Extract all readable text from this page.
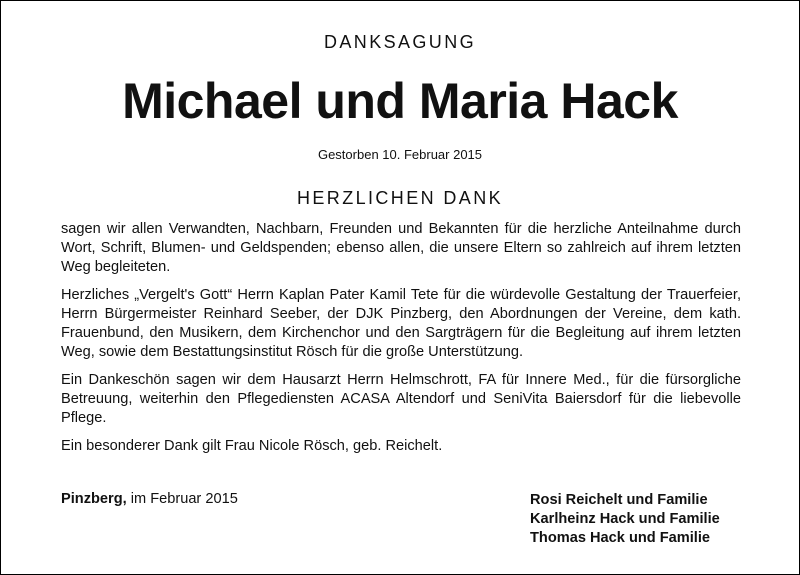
DANKSAGUNG
Michael und Maria Hack
Gestorben 10. Februar 2015
HERZLICHEN DANK

sagen wir allen Verwandten, Nachbarn, Freunden und Bekannten für die herzliche Anteilnahme durch Wort, Schrift, Blumen- und Geldspenden; ebenso allen, die unsere Eltern so zahlreich auf ihrem letzten Weg begleiteten.

Herzliches „Vergelt's Gott“ Herrn Kaplan Pater Kamil Tete für die würdevolle Gestaltung der Trauerfeier, Herrn Bürgermeister Reinhard Seeber, der DJK Pinzberg, den Abordnungen der Vereine, dem kath. Frauenbund, den Musikern, dem Kirchenchor und den Sargträgern für die Begleitung auf ihrem letzten Weg, sowie dem Bestattungsinstitut Rösch für die große Unterstützung.

Ein Dankeschön sagen wir dem Hausarzt Herrn Helmschrott, FA für Innere Med., für die fürsorgliche Betreuung, weiterhin den Pflegediensten ACASA Altendorf und SeniVita Baiersdorf für die liebevolle Pflege.

Ein besonderer Dank gilt Frau Nicole Rösch, geb. Reichelt.

Pinzberg, im Februar 2015	Rosi Reichelt und Familie
Karlheinz Hack und Familie
Thomas Hack und Familie
